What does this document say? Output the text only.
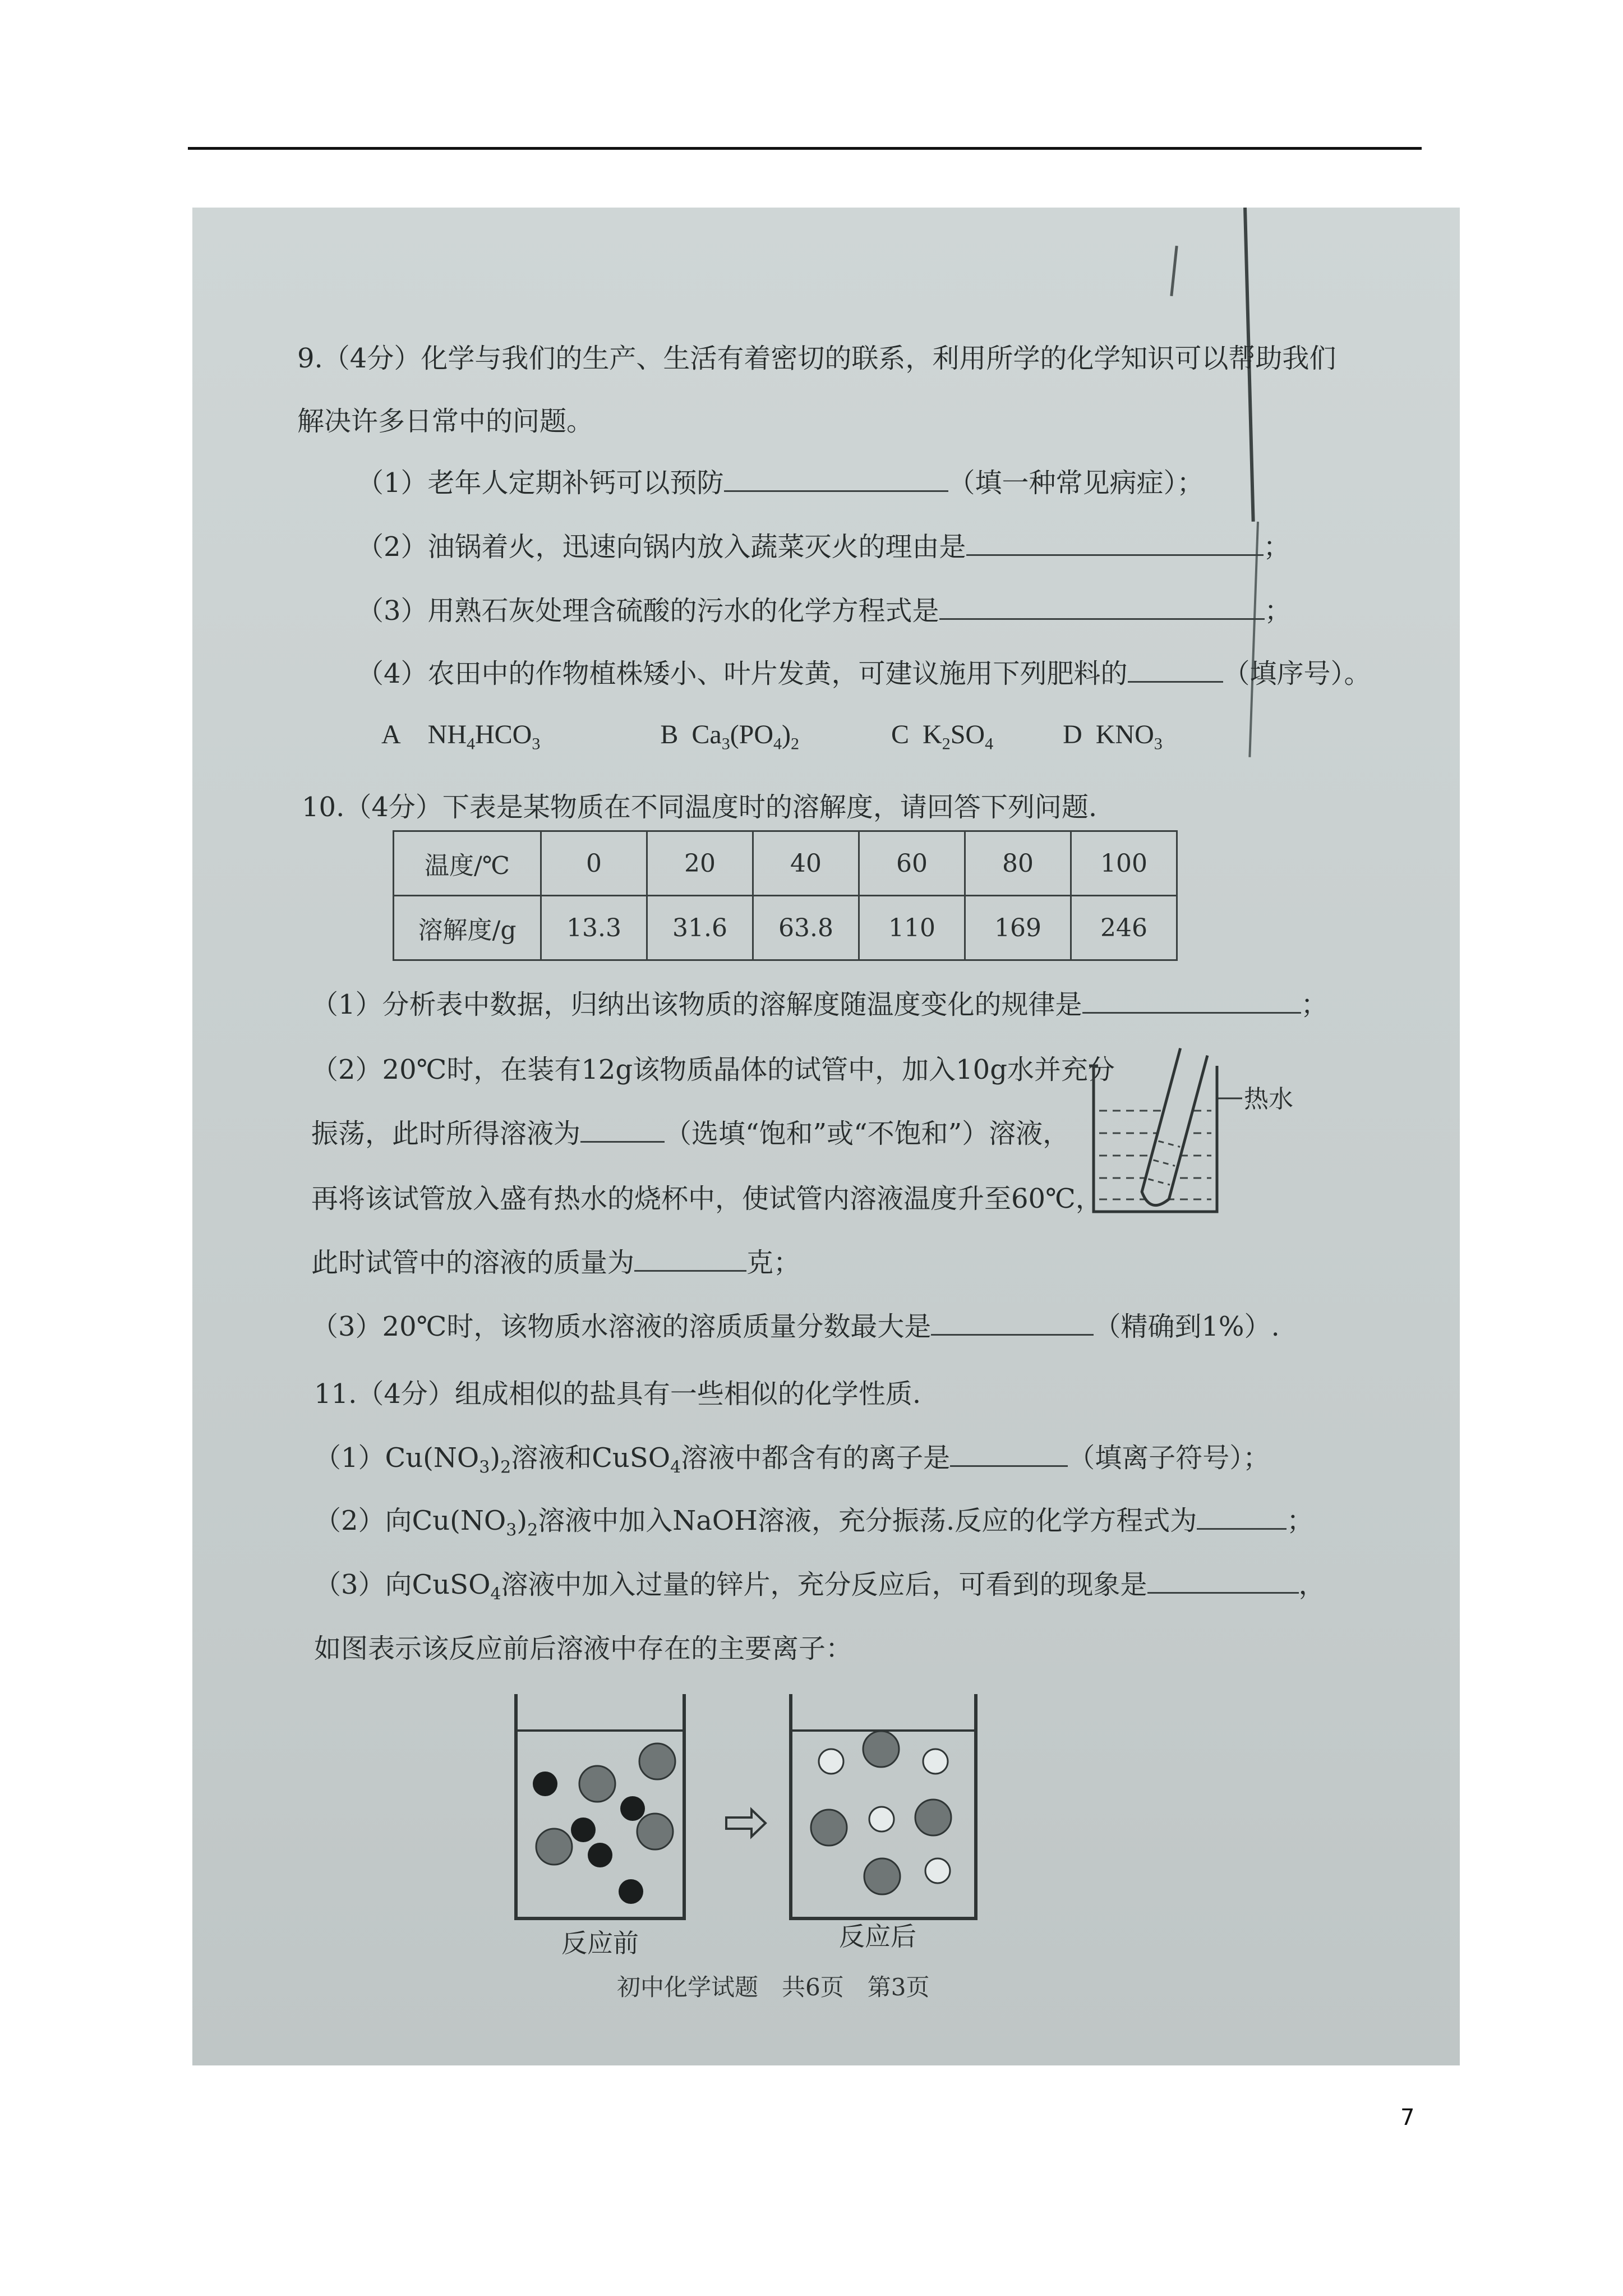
9.（4分）化学与我们的生产、生活有着密切的联系，利用所学的化学知识可以帮助我们
解决许多日常中的问题。
（1）老年人定期补钙可以预防	（填一种常见病症）；
（2）油锅着火，迅速向锅内放入蔬菜灭火的理由是	；
（3）用熟石灰处理含硫酸的污水的化学方程式是	；
（4）农田中的作物植株矮小、叶片发黄，可建议施用下列肥料的	（填序号）。
A $NH_4HCO_3$	B $Ca_3(PO_4)_2$	C $K_2SO_4$	D $KNO_3$
10.（4分）下表是某物质在不同温度时的溶解度，请回答下列问题.
温度/℃	0	20	40	60	80	100
溶解度/g	13.3	31.6	63.8	110	169	246
（1）分析表中数据，归纳出该物质的溶解度随温度变化的规律是	；
（2）20℃时，在装有12g该物质晶体的试管中，加入10g水并充分
振荡，此时所得溶液为	（选填“饱和”或“不饱和”）溶液，
再将该试管放入盛有热水的烧杯中，使试管内溶液温度升至60℃，
此时试管中的溶液的质量为	克；
热水
（3）20℃时，该物质水溶液的溶质质量分数最大是	（精确到1%）.
11.（4分）组成相似的盐具有一些相似的化学性质.
$(1)Cu(NO_3)_2$溶液和CuSO$_4$溶液中都含有的离子是	（填离子符号）；
（2）向$Cu(NO_3)_2$溶液中加入NaOH溶液，充分振荡.反应的化学方程式为	；
（3）向CuSO$_4$溶液中加入过量的锌片，充分反应后，可看到的现象是	，
如图表示该反应前后溶液中存在的主要离子：
反应前	反应后
初中化学试题　共6页　第3页
7
